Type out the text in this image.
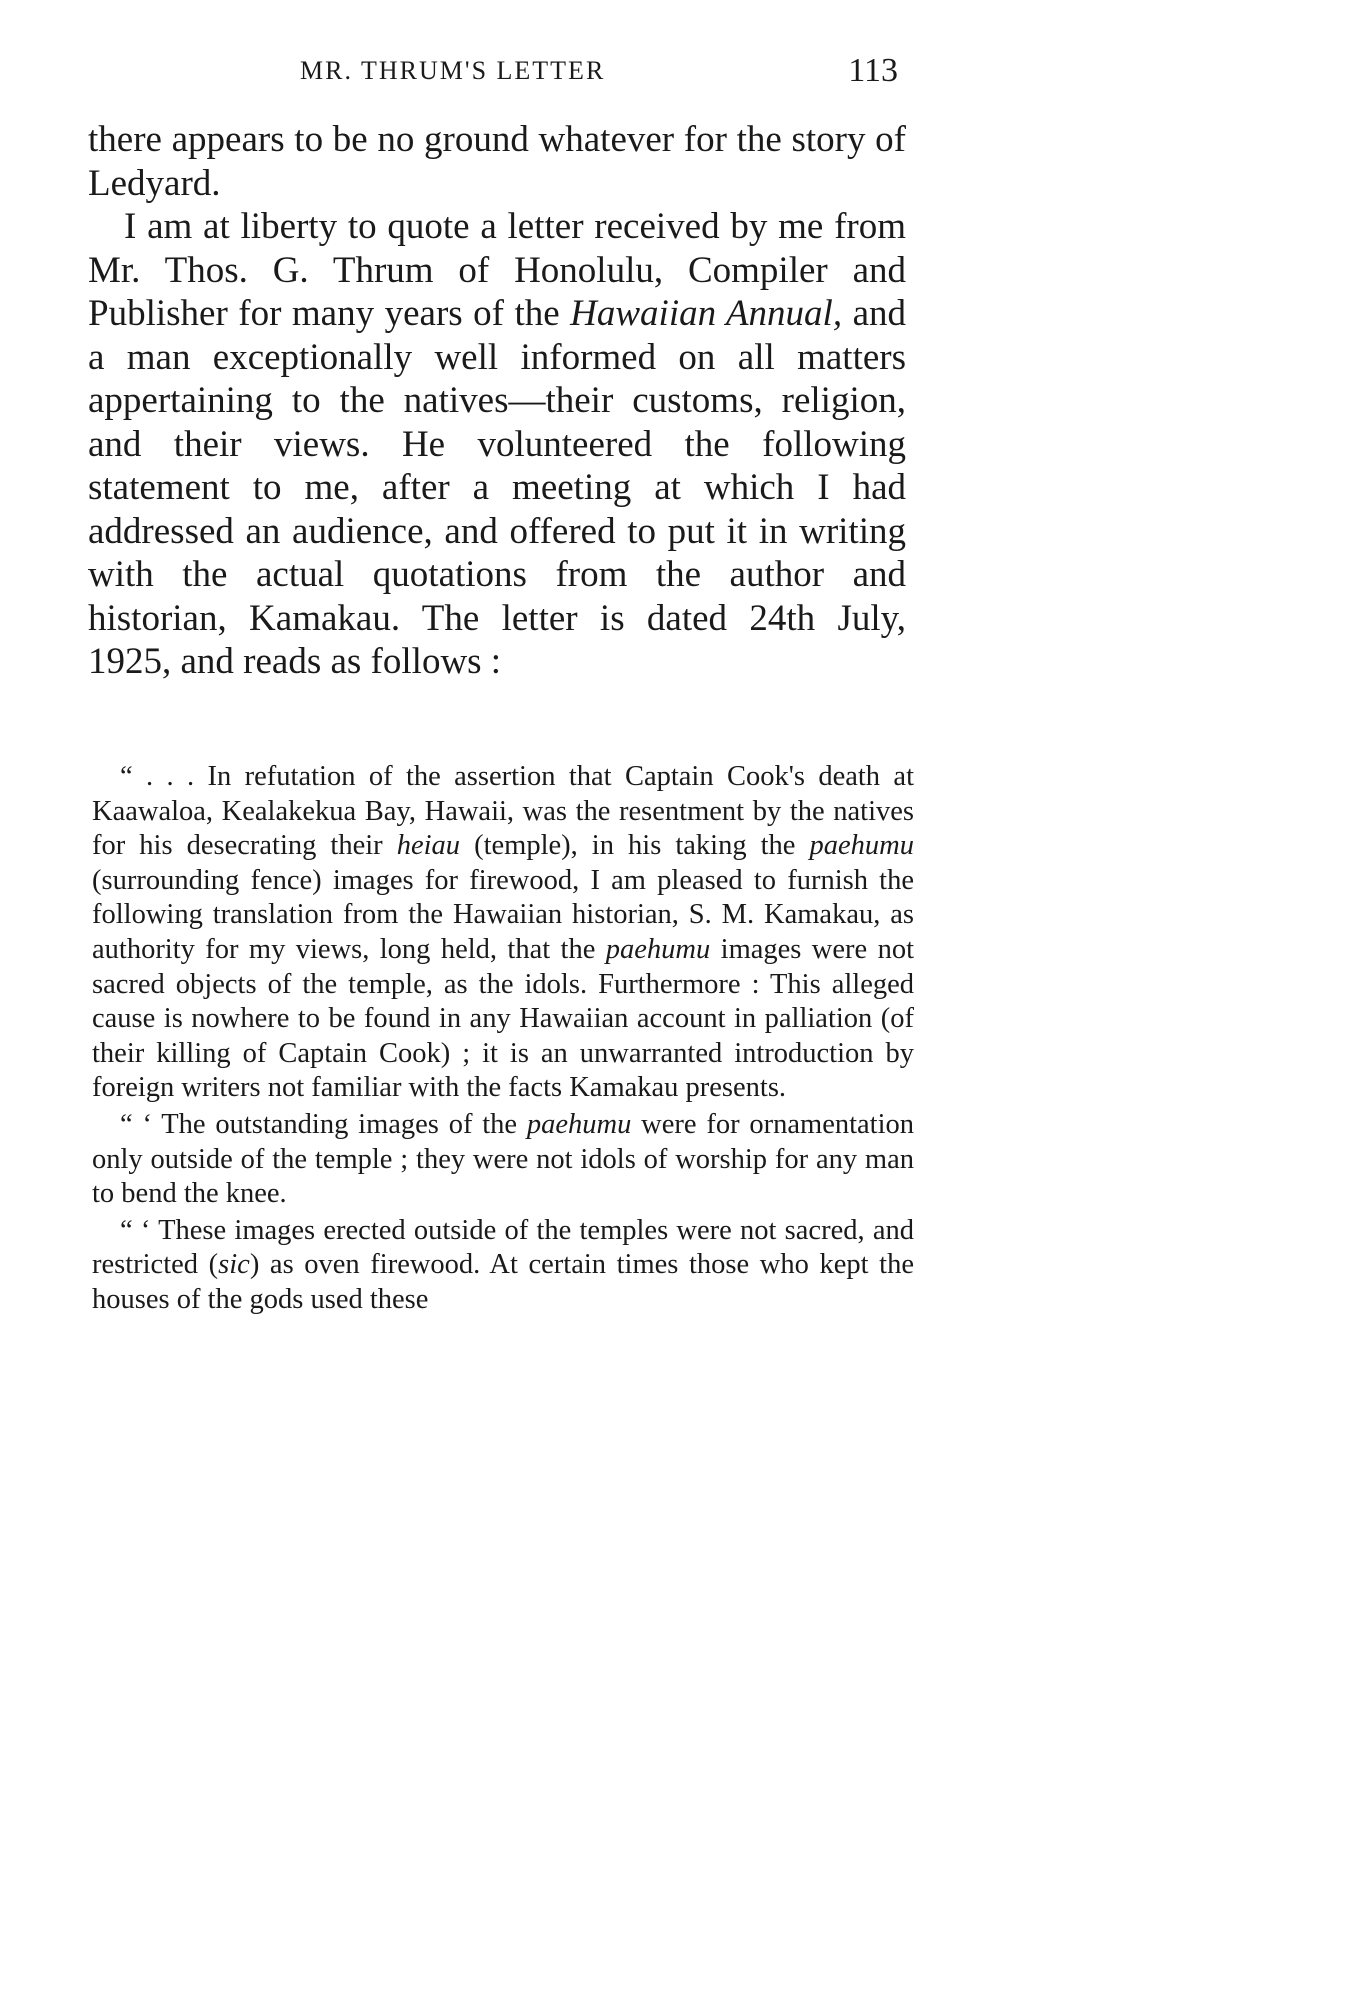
MR. THRUM'S LETTER	113

there appears to be no ground whatever for the story of Ledyard.

I am at liberty to quote a letter received by me from Mr. Thos. G. Thrum of Honolulu, Compiler and Publisher for many years of the Hawaiian Annual, and a man exceptionally well informed on all matters appertaining to the natives—their customs, religion, and their views. He volunteered the following statement to me, after a meeting at which I had addressed an audience, and offered to put it in writing with the actual quotations from the author and historian, Kamakau. The letter is dated 24th July, 1925, and reads as follows :

“ . . . In refutation of the assertion that Captain Cook's death at Kaawaloa, Kealakekua Bay, Hawaii, was the resentment by the natives for his desecrating their heiau (temple), in his taking the paehumu (surrounding fence) images for firewood, I am pleased to furnish the following translation from the Hawaiian historian, S. M. Kamakau, as authority for my views, long held, that the paehumu images were not sacred objects of the temple, as the idols. Furthermore : This alleged cause is nowhere to be found in any Hawaiian account in palliation (of their killing of Captain Cook) ; it is an unwarranted introduction by foreign writers not familiar with the facts Kamakau presents.

“ ‘ The outstanding images of the paehumu were for ornamentation only outside of the temple ; they were not idols of worship for any man to bend the knee.

“ ‘ These images erected outside of the temples were not sacred, and restricted (sic) as oven firewood. At certain times those who kept the houses of the gods used these
